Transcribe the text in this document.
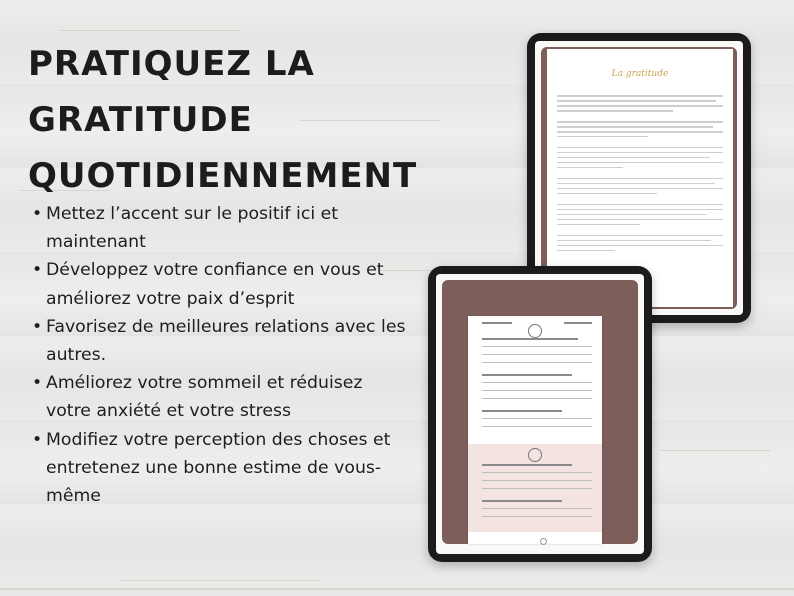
PRATIQUEZ LA
GRATITUDE
QUOTIDIENNEMENT
• Mettez l’accent sur le positif ici et maintenant
• Développez votre confiance en vous et améliorez votre paix d’esprit
• Favorisez de meilleures relations avec les autres.
• Améliorez votre sommeil et réduisez votre anxiété et votre stress
• Modifiez votre perception des choses et entretenez une bonne estime de vous-même
La gratitude
